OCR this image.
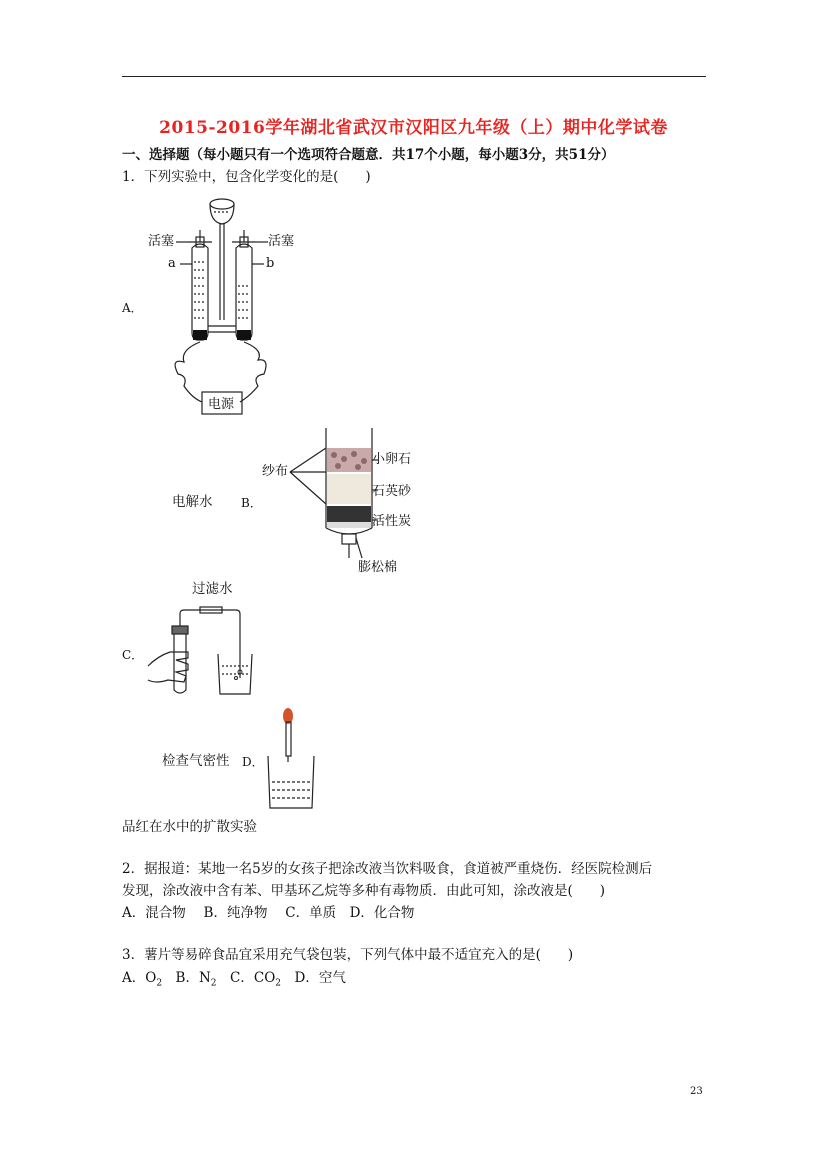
2015-2016学年湖北省武汉市汉阳区九年级（上）期中化学试卷
一、选择题（每小题只有一个选项符合题意．共17个小题，每小题3分，共51分）
1．下列实验中，包含化学变化的是(　　)
A．
活塞	活塞
a	b
电源
电解水 B．
纱布
小卵石
石英砂
活性炭
膨松棉
过滤水
C．
检查气密性 D．
品红在水中的扩散实验
2．据报道：某地一名5岁的女孩子把涂改液当饮料吸食，食道被严重烧伤．经医院检测后
发现，涂改液中含有苯、甲基环乙烷等多种有毒物质．由此可知，涂改液是(　　)
A．混合物　 B．纯净物　 C．单质　D．化合物
3．薯片等易碎食品宜采用充气袋包装，下列气体中最不适宜充入的是(　　)
A．$O_2$　B．$N_2$　C．$CO_2$　D．空气
23
